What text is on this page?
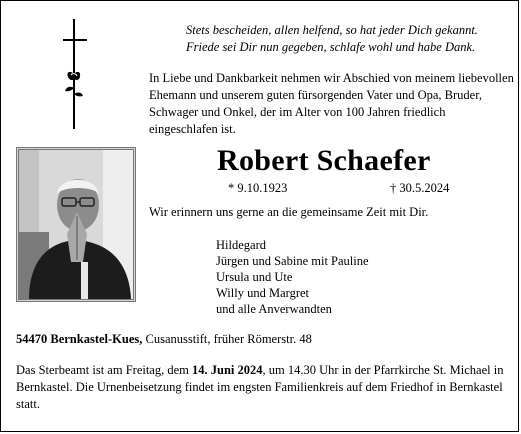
Stets bescheiden, allen helfend, so hat jeder Dich gekannt.
Friede sei Dir nun gegeben, schlafe wohl und habe Dank.
In Liebe und Dankbarkeit nehmen wir Abschied von meinem liebevollen Ehemann und unserem guten fürsorgenden Vater und Opa, Bruder, Schwager und Onkel, der im Alter von 100 Jahren friedlich eingeschlafen ist.
Robert Schaefer
* 9.10.1923	† 30.5.2024
Wir erinnern uns gerne an die gemeinsame Zeit mit Dir.
Hildegard
Jürgen und Sabine mit Pauline
Ursula und Ute
Willy und Margret
und alle Anverwandten
54470 Bernkastel-Kues, Cusanusstift, früher Römerstr. 48
Das Sterbeamt ist am Freitag, dem 14. Juni 2024, um 14.30 Uhr in der Pfarrkirche St. Michael in Bernkastel. Die Urnenbeisetzung findet im engsten Familienkreis auf dem Friedhof in Bernkastel statt.
